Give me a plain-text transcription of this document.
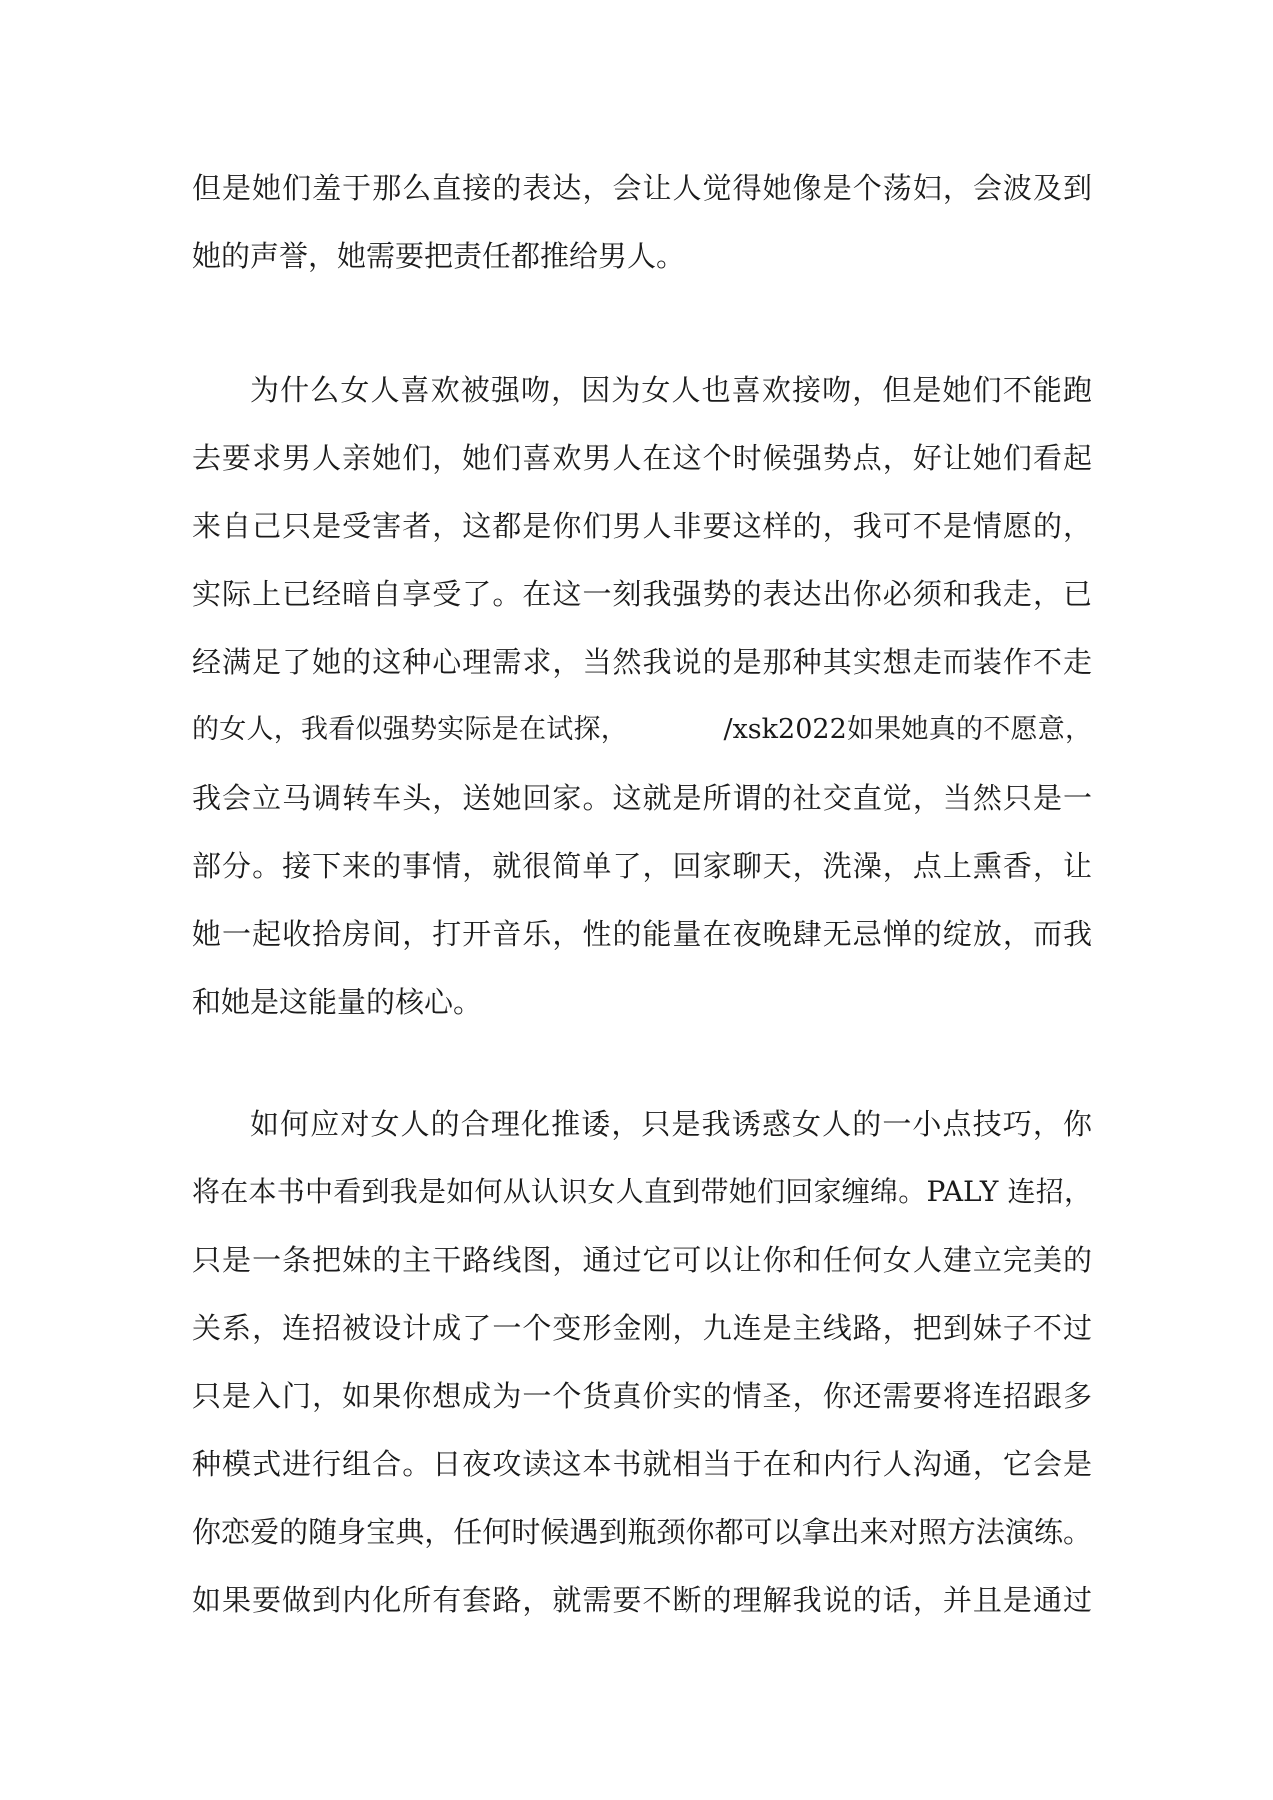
但是她们羞于那么直接的表达，会让人觉得她像是个荡妇，会波及到
她的声誉，她需要把责任都推给男人。
为什么女人喜欢被强吻，因为女人也喜欢接吻，但是她们不能跑
去要求男人亲她们，她们喜欢男人在这个时候强势点，好让她们看起
来自己只是受害者，这都是你们男人非要这样的，我可不是情愿的，
实际上已经暗自享受了。在这一刻我强势的表达出你必须和我走，已
经满足了她的这种心理需求，当然我说的是那种其实想走而装作不走
的女人，我看似强势实际是在试探，　　　　/xsk2022如果她真的不愿意，
我会立马调转车头，送她回家。这就是所谓的社交直觉，当然只是一
部分。接下来的事情，就很简单了，回家聊天，洗澡，点上熏香，让
她一起收拾房间，打开音乐，性的能量在夜晚肆无忌惮的绽放，而我
和她是这能量的核心。
如何应对女人的合理化推诿，只是我诱惑女人的一小点技巧，你
将在本书中看到我是如何从认识女人直到带她们回家缠绵。PALY 连招，
只是一条把妹的主干路线图，通过它可以让你和任何女人建立完美的
关系，连招被设计成了一个变形金刚，九连是主线路，把到妹子不过
只是入门，如果你想成为一个货真价实的情圣，你还需要将连招跟多
种模式进行组合。日夜攻读这本书就相当于在和内行人沟通，它会是
你恋爱的随身宝典，任何时候遇到瓶颈你都可以拿出来对照方法演练。
如果要做到内化所有套路，就需要不断的理解我说的话，并且是通过
